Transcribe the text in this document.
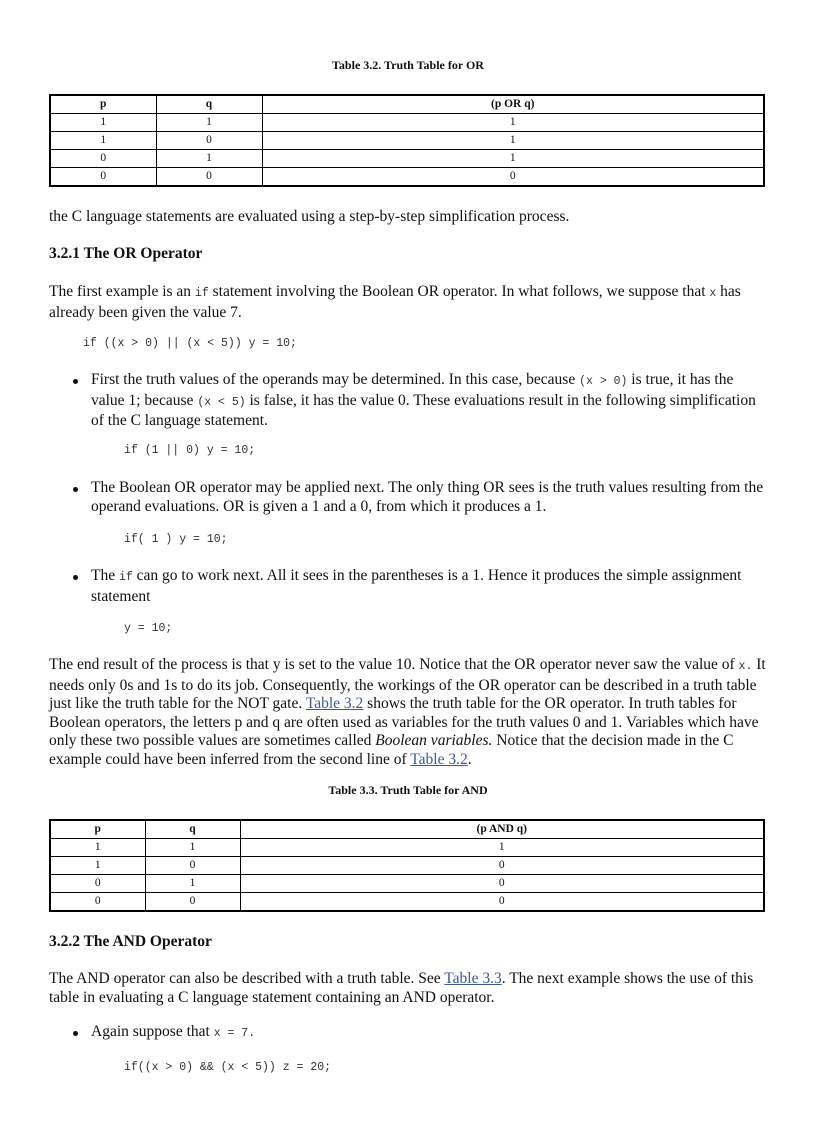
Table 3.2. Truth Table for OR
p	q	(p OR q)
1	1	1
1	0	1
0	1	1
0	0	0

the C language statements are evaluated using a step-by-step simplification process.

3.2.1 The OR Operator

The first example is an if statement involving the Boolean OR operator. In what follows, we suppose that x has already been given the value 7.

if ((x > 0) || (x < 5)) y = 10;

First the truth values of the operands may be determined. In this case, because (x > 0) is true, it has the value 1; because (x < 5) is false, it has the value 0. These evaluations result in the following simplification of the C language statement.

if (1 || 0) y = 10;

The Boolean OR operator may be applied next. The only thing OR sees is the truth values resulting from the operand evaluations. OR is given a 1 and a 0, from which it produces a 1.

if( 1 ) y = 10;

The if can go to work next. All it sees in the parentheses is a 1. Hence it produces the simple assignment statement

y = 10;

The end result of the process is that y is set to the value 10. Notice that the OR operator never saw the value of x. It needs only 0s and 1s to do its job. Consequently, the workings of the OR operator can be described in a truth table just like the truth table for the NOT gate. Table 3.2 shows the truth table for the OR operator. In truth tables for Boolean operators, the letters p and q are often used as variables for the truth values 0 and 1. Variables which have only these two possible values are sometimes called Boolean variables. Notice that the decision made in the C example could have been inferred from the second line of Table 3.2.

Table 3.3. Truth Table for AND
p	q	(p AND q)
1	1	1
1	0	0
0	1	0
0	0	0
3.2.2 The AND Operator

The AND operator can also be described with a truth table. See Table 3.3. The next example shows the use of this table in evaluating a C language statement containing an AND operator.

Again suppose that x = 7.

if((x > 0) && (x < 5)) z = 20;
